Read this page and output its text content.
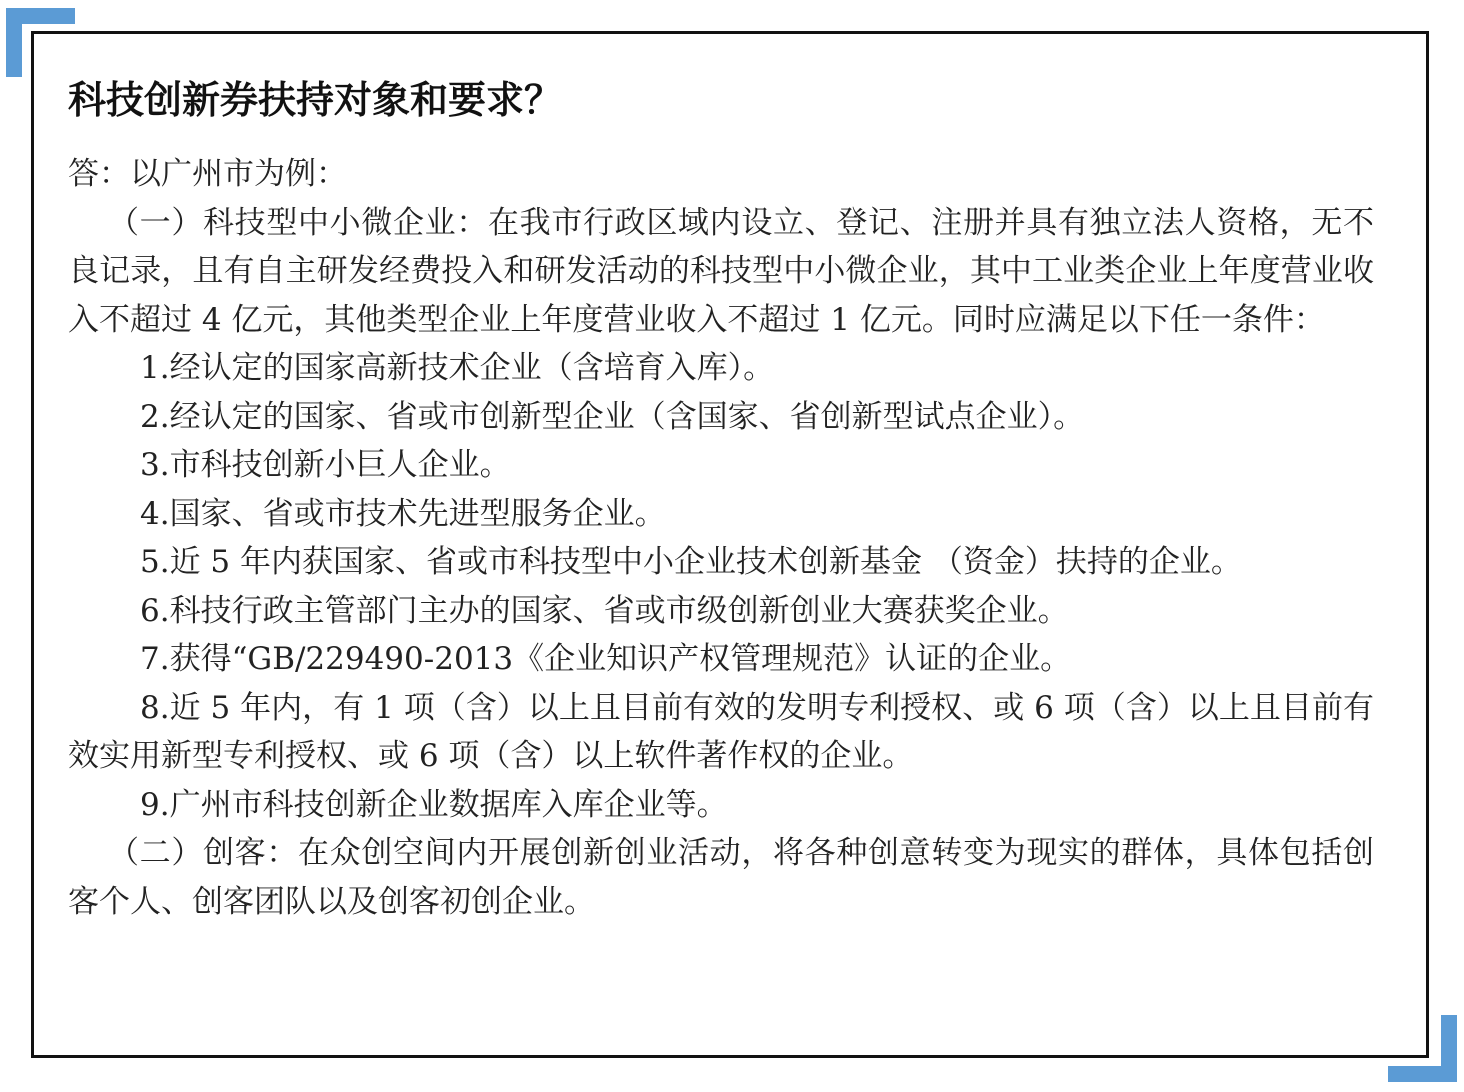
科技创新券扶持对象和要求？

答：以广州市为例：

（一）科技型中小微企业：在我市行政区域内设立、登记、注册并具有独立法人资格，无不良记录，且有自主研发经费投入和研发活动的科技型中小微企业，其中工业类企业上年度营业收入不超过 4 亿元，其他类型企业上年度营业收入不超过 1 亿元。同时应满足以下任一条件：

1.经认定的国家高新技术企业（含培育入库）。

2.经认定的国家、省或市创新型企业（含国家、省创新型试点企业）。

3.市科技创新小巨人企业。

4.国家、省或市技术先进型服务企业。

5.近 5 年内获国家、省或市科技型中小企业技术创新基金 （资金）扶持的企业。

6.科技行政主管部门主办的国家、省或市级创新创业大赛获奖企业。

7.获得“GB/229490-2013《企业知识产权管理规范》认证的企业。

8.近 5 年内，有 1 项（含）以上且目前有效的发明专利授权、或 6 项（含）以上且目前有效实用新型专利授权、或 6 项（含）以上软件著作权的企业。

9.广州市科技创新企业数据库入库企业等。

（二）创客：在众创空间内开展创新创业活动，将各种创意转变为现实的群体，具体包括创客个人、创客团队以及创客初创企业。
